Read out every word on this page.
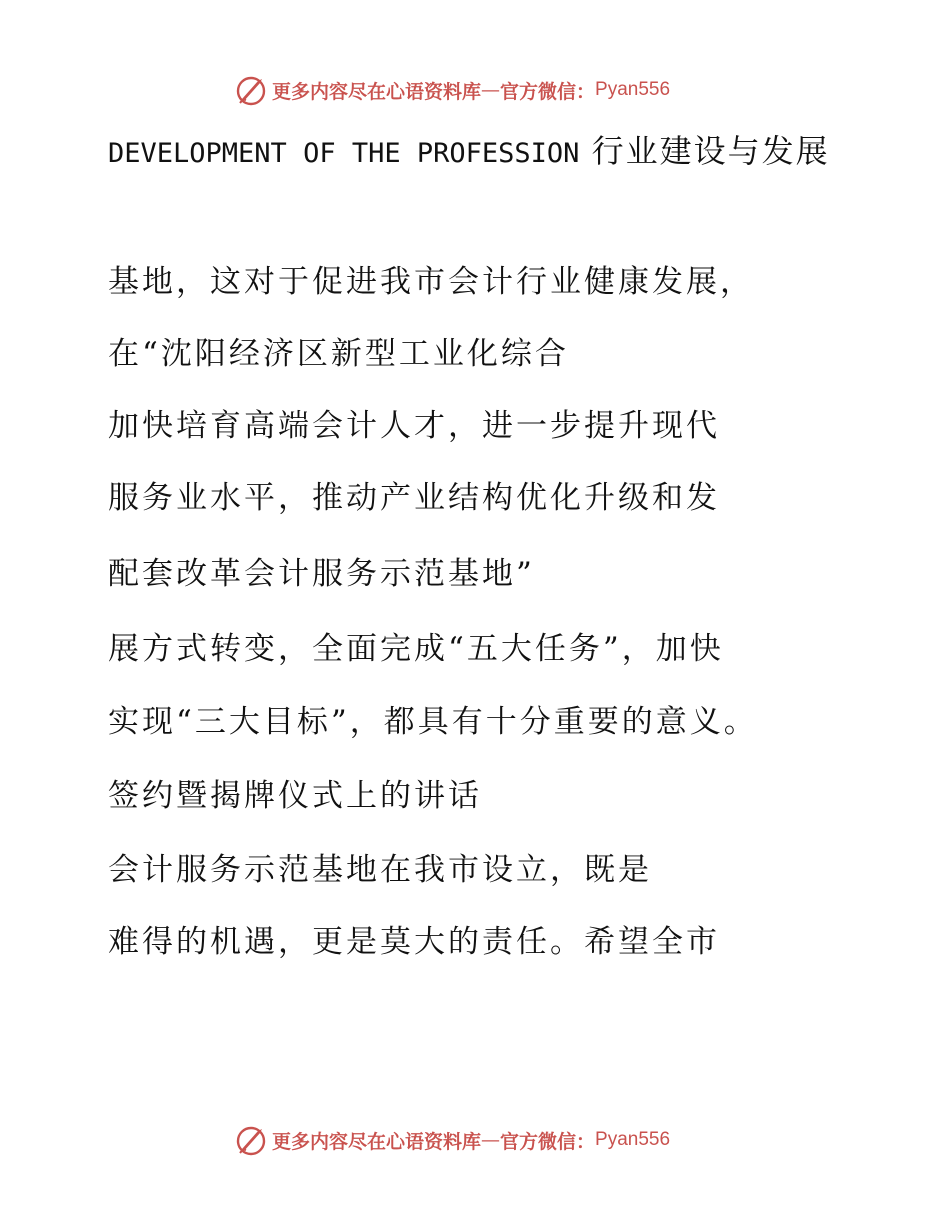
更多内容尽在心语资料库 — 官方微信： Pyan556
DEVELOPMENT OF THE PROFESSION 行业建设与发展
基地，这对于促进我市会计行业健康发展，
在“沈阳经济区新型工业化综合
加快培育高端会计人才，进一步提升现代
服务业水平，推动产业结构优化升级和发
配套改革会计服务示范基地”
展方式转变，全面完成“五大任务”，加快
实现“三大目标”，都具有十分重要的意义。
签约暨揭牌仪式上的讲话
会计服务示范基地在我市设立，既是
难得的机遇，更是莫大的责任。希望全市
更多内容尽在心语资料库 — 官方微信： Pyan556
